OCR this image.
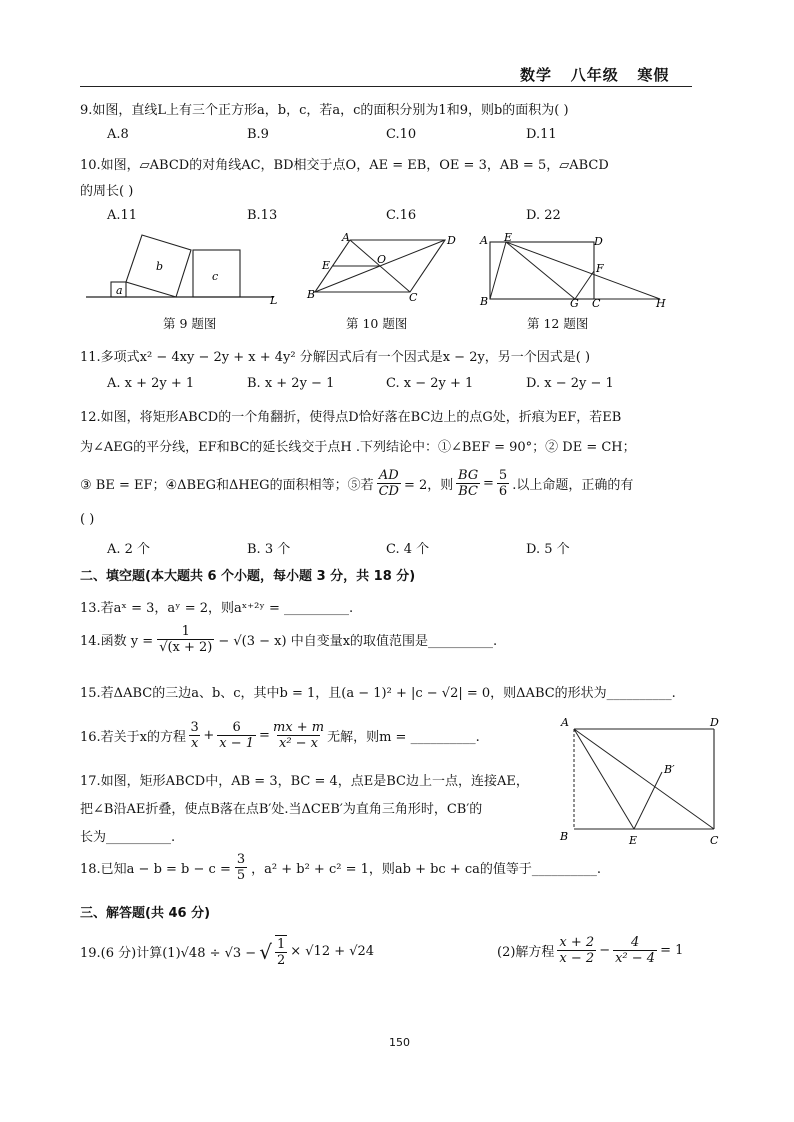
数学 八年级 寒假
9.如图，直线L上有三个正方形a，b，c，若a，c的面积分别为1和9，则b的面积为( )
A.8	B.9	C.10	D.11
10.如图，▱ABCD的对角线AC，BD相交于点O，AE = EB，OE = 3，AB = 5，▱ABCD
的周长( )
A.11	B.13	C.16	D. 22
a
b
c
L
第 9 题图
A	D
E	O
B	C
第 10 题图
A E	D
F
B	G C	H
第 12 题图
11.多项式x² − 4xy − 2y + x + 4y² 分解因式后有一个因式是x − 2y，另一个因式是( )
A. x + 2y + 1	B. x + 2y − 1	C. x − 2y + 1	D. x − 2y − 1
12.如图，将矩形ABCD的一个角翻折，使得点D恰好落在BC边上的点G处，折痕为EF，若EB
为∠AEG的平分线，EF和BC的延长线交于点H .下列结论中：①∠BEF = 90°；② DE = CH；
③ BE = EF；④ΔBEG和ΔHEG的面积相等；⑤若 $\frac{AD}{CD} = 2$，则 $\frac{BG}{BC} = \frac{5}{6}$ .以上命题，正确的有
( )
A. 2 个	B. 3 个	C. 4 个	D. 5 个
二、填空题(本大题共 6 个小题，每小题 3 分，共 18 分)
13.若aˣ = 3，aʸ = 2，则aˣ⁺²ʸ = __________.
14.函数 $y = \frac{1}{√(x + 2)} - √(3 - x)$ 中自变量x的取值范围是__________.
15.若ΔABC的三边a、b、c，其中b = 1，且(a − 1)² + |c − √2| = 0，则ΔABC的形状为__________.
16.若关于x的方程 $\frac{3}{x} + \frac{6}{x - 1} = \frac{mx + m}{\text{x² − x}}$ 无解，则m = __________.
17.如图，矩形ABCD中，AB = 3，BC = 4，点E是BC边上一点，连接AE，
把∠B沿AE折叠，使点B落在点B′处.当ΔCEB′为直角三角形时，CB′的
长为__________.
A	D
B′
B	E	C
18.已知$a - b = b - c = \frac{3}{5}$ ，a² + b² + c² = 1，则ab + bc + ca的值等于__________.
三、解答题(共 46 分)
19.(6 分)计算(1)√48 ÷ √3 − √ $\frac{1}{2} \times √12 + √24$	(2)解方程 $\frac{x + 2}{x - 2} - \frac{4}{\text{x² − 4}} = 1$
150
